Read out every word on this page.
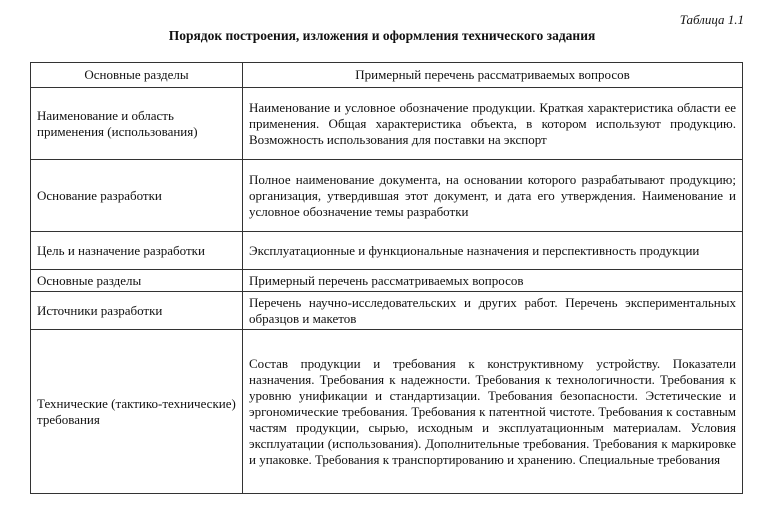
Таблица 1.1
Порядок построения, изложения и оформления технического задания
Основные разделы	Примерный перечень рассматриваемых вопросов
Наименование и область применения (использования)	Наименование и условное обозначение продукции. Краткая характеристика области ее применения. Общая характеристика объекта, в котором используют продукцию. Возможность использования для поставки на экспорт
Основание разработки	Полное наименование документа, на основании которого разрабатывают продукцию; организация, утвердившая этот документ, и дата его утверждения. Наименование и условное обозначение темы разработки
Цель и назначение разработки	Эксплуатационные и функциональные назначения и перспективность продукции
Основные разделы	Примерный перечень рассматриваемых вопросов
Источники разработки	Перечень научно-исследовательских и других работ. Перечень экспериментальных образцов и макетов
Технические (тактико-технические) требования	Состав продукции и требования к конструктивному устройству. Показатели назначения. Требования к надежности. Требования к технологичности. Требования к уровню унификации и стандартизации. Требования безопасности. Эстетические и эргономические требования. Требования к патентной чистоте. Требования к составным частям продукции, сырью, исходным и эксплуатационным материалам. Условия эксплуатации (использования). Дополнительные требования. Требования к маркировке и упаковке. Требования к транспортированию и хранению. Специальные требования
